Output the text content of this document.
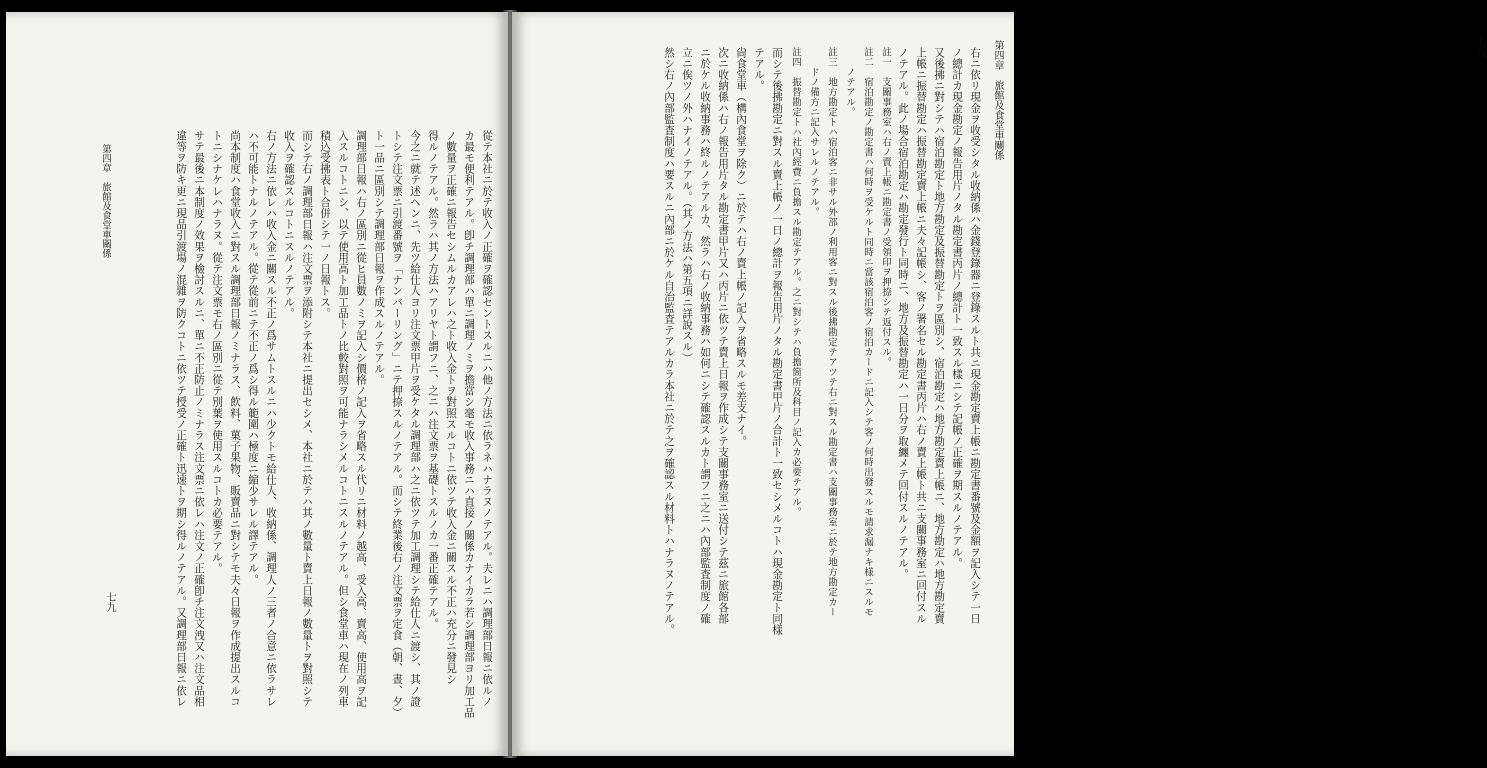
第四章　旅館及食堂車關係
七九	從テ本社ニ於テ收入ノ正確ヲ確認セントスルニハ他ノ方法ニ依ラネハナラヌノテアル。夫レニハ調理部日報ニ依ルノ
カ最モ便利テアル。卽チ調理部ハ單ニ調理ノミヲ擔當シ毫モ收入事務ニハ直接ノ關係カナイカラ若シ調理部ヨリ加工品
ノ數量ヲ正確ニ報告セシムルカアレハ之ト收入金トヲ對照スルコトニ依ツテ收入金ニ關スル不正ハ充分ニ發見シ
得ルノテアル。然ラハ其ノ方法ハアリヤト謂フニ、之ニハ注文票ヲ基礎トスルノカ一番正確テアル。
今之ニ就テ述ヘンニ、先ツ給仕人ヨリ注文票甲片ヲ受ケタル調理部ハ之ニ依ツテ加工調理シテ給仕人ニ渡シ、其ノ證
トシテ注文票ニ引渡番號ヲ「ナンバーリング」ニテ押捺スルノテアル。而シテ終業後右ノ注文票ヲ定食（朝、晝、夕）
ト一品ニ區別シテ調理部日報ヲ作成スルノテアル。
調理部日報ハ右ノ區別ニ從ヒ員數ノミヲ記入シ價格ノ記入ヲ省略スル代リニ材料ノ越高、受入高、賣高、使用高ヲ記
入スルコトニシ、以テ使用高ト加工品トノ比較對照ヲ可能ナラシメルコトニスルノテアル。但シ食堂車ハ現在ノ列車
積込受拂表ト合併シテ一ノ日報トス。
而シテ右ノ調理部日報ハ注文票ヲ添附シテ本社ニ提出セシメ、本社ニ於テハ其ノ數量ト賣上日報ノ數量トヲ對照シテ
收入ヲ確認スルコトニスルノテアル。
右ノ方法ニ依レハ收入金ニ關スル不正ノ爲サムトスルニハ少クトモ給仕人、收納係、調理人ノ三者ノ合意ニ依ラサレ
ハ不可能トナルノテアル。從テ從前ニテ不正ノ爲シ得ル範圍ハ極度ニ縮少サレル譯テアル。
尚本制度ハ食堂收入ニ對スル調理部日報ノミナラス、飲料、菓子果物、販賣品ニ對シテモ夫々日報ヲ作成提出スルコ
トニシナケレハナラヌ。從テ注文票モ右ノ區別ニ從テ別葉ヲ使用スルコトカ必要テアル。
サテ最後ニ本制度ノ效果ヲ檢討スルニ、單ニ不正防止ノミナラス注文票ニ依レハ注文ノ正確卽チ注文洩又ハ注文品相
違等ヲ防キ更ニ現品引渡場ノ混雜ヲ防クコトニ依ツテ授受ノ正確ト迅速トヲ期シ得ルノテアル。又調理部日報ニ依レ
第四章　旅館及食堂車關係	七八
右ニ依リ現金ヲ收受シタル收納係ハ金錢登錄器ニ登錄スルト共ニ現金勘定賣上帳ニ勘定書番號及金額ヲ記入シテ一日
ノ總計カ現金勘定ノ報告用片ノタル勘定書丙片ノ總計ト一致スル樣ニシテ記帳ノ正確ヲ期スルノテアル。
又後拂ニ對シテハ宿泊勘定ト地方勘定及振替勘定トヲ區別シ、宿泊勘定ハ地方勘定賣上帳ニ、地方勘定ハ地方勘定賣
上帳ニ振替勘定ハ振替勘定賣上帳ニ夫々記帳シ、客ノ署名セル勘定書丙片ハ右ノ賣上帳ト共ニ支關事務室ニ回付スル
ノテアル。此ノ場合宿泊勘定ハ勘定發行ト同時ニ、地方及振替勘定ハ一日分ヲ取纏メテ回付スルノテアル。
註一　支關事務室ハ右ノ賣上帳ニ勘定書ノ受領印ヲ押捺シテ返付スル。
註二　宿泊勘定ノ勘定書ハ何時ヲ受ケルト同時ニ當該宿泊客ノ宿泊カードニ記入シテ客ノ何時出發スルモ請求漏ナキ様ニスルモ
　　ノテアル。
註三　地方勘定トハ宿泊客ニ非サル外部ノ利用客ニ對スル後拂勘定テアツテ右ニ對スル勘定書ハ支關事務室ニ於テ地方勘定カー
　　ドノ備方ニ記入サレルノテアル。
註四　振替勘定トハ社內經費ニ負擔スル勘定テアル。之ニ對シテハ負擔箇所及科目ノ記入カ必要テアル。
而シテ後拂勘定ニ對スル賣上帳ノ一日ノ總計ヲ報告用片ノタル勘定書甲片ノ合計ト一致セシメルコトハ現金勘定ト同樣
テアル。
尙食堂車（構內食堂ヲ除ク）ニ於テハ右ノ賣上帳ノ記入ヲ省略スルモ差支ナイ。
次ニ收納係ハ右ノ報告用片タル勘定書甲片又ハ丙片ニ依ツテ賣上日報ヲ作成シテ支關事務室ニ送付シテ茲ニ旅館各部
ニ於ケル收納事務ハ終ルノテアルカ、然ラハ右ノ收納事務ハ如何ニシテ確認スルカト謂フニ之ニハ內部監査制度ノ確
立ニ俟ツノ外ハナイノテアル。（其ノ方法ハ第五項ニ詳說スル）
然シ右ノ內部監査制度ハ要スルニ內部ニ於ケル自治監査テアルカラ本社ニ於テ之ヲ確認スル材料トハナラヌノテアル。
